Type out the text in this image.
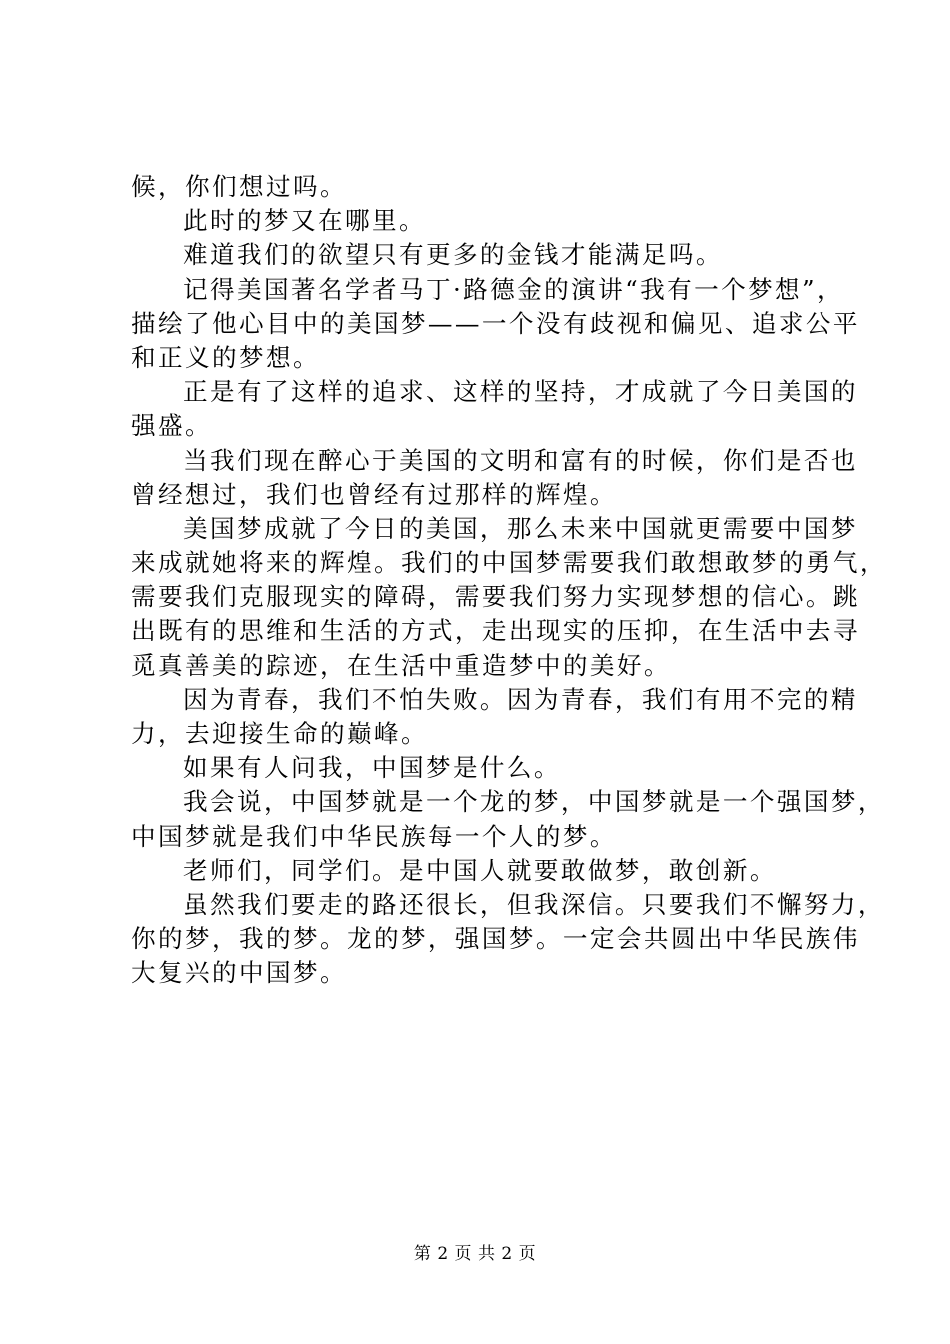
候，你们想过吗。
此时的梦又在哪里。
难道我们的欲望只有更多的金钱才能满足吗。
记得美国著名学者马丁·路德金的演讲“我有一个梦想”，
描绘了他心目中的美国梦——一个没有歧视和偏见、追求公平
和正义的梦想。
正是有了这样的追求、这样的坚持，才成就了今日美国的
强盛。
当我们现在醉心于美国的文明和富有的时候，你们是否也
曾经想过，我们也曾经有过那样的辉煌。
美国梦成就了今日的美国，那么未来中国就更需要中国梦
来成就她将来的辉煌。我们的中国梦需要我们敢想敢梦的勇气，
需要我们克服现实的障碍，需要我们努力实现梦想的信心。跳
出既有的思维和生活的方式，走出现实的压抑，在生活中去寻
觅真善美的踪迹，在生活中重造梦中的美好。
因为青春，我们不怕失败。因为青春，我们有用不完的精
力，去迎接生命的巅峰。
如果有人问我，中国梦是什么。
我会说，中国梦就是一个龙的梦，中国梦就是一个强国梦，
中国梦就是我们中华民族每一个人的梦。
老师们，同学们。是中国人就要敢做梦，敢创新。
虽然我们要走的路还很长，但我深信。只要我们不懈努力，
你的梦，我的梦。龙的梦，强国梦。一定会共圆出中华民族伟
大复兴的中国梦。
第 2 页 共 2 页
